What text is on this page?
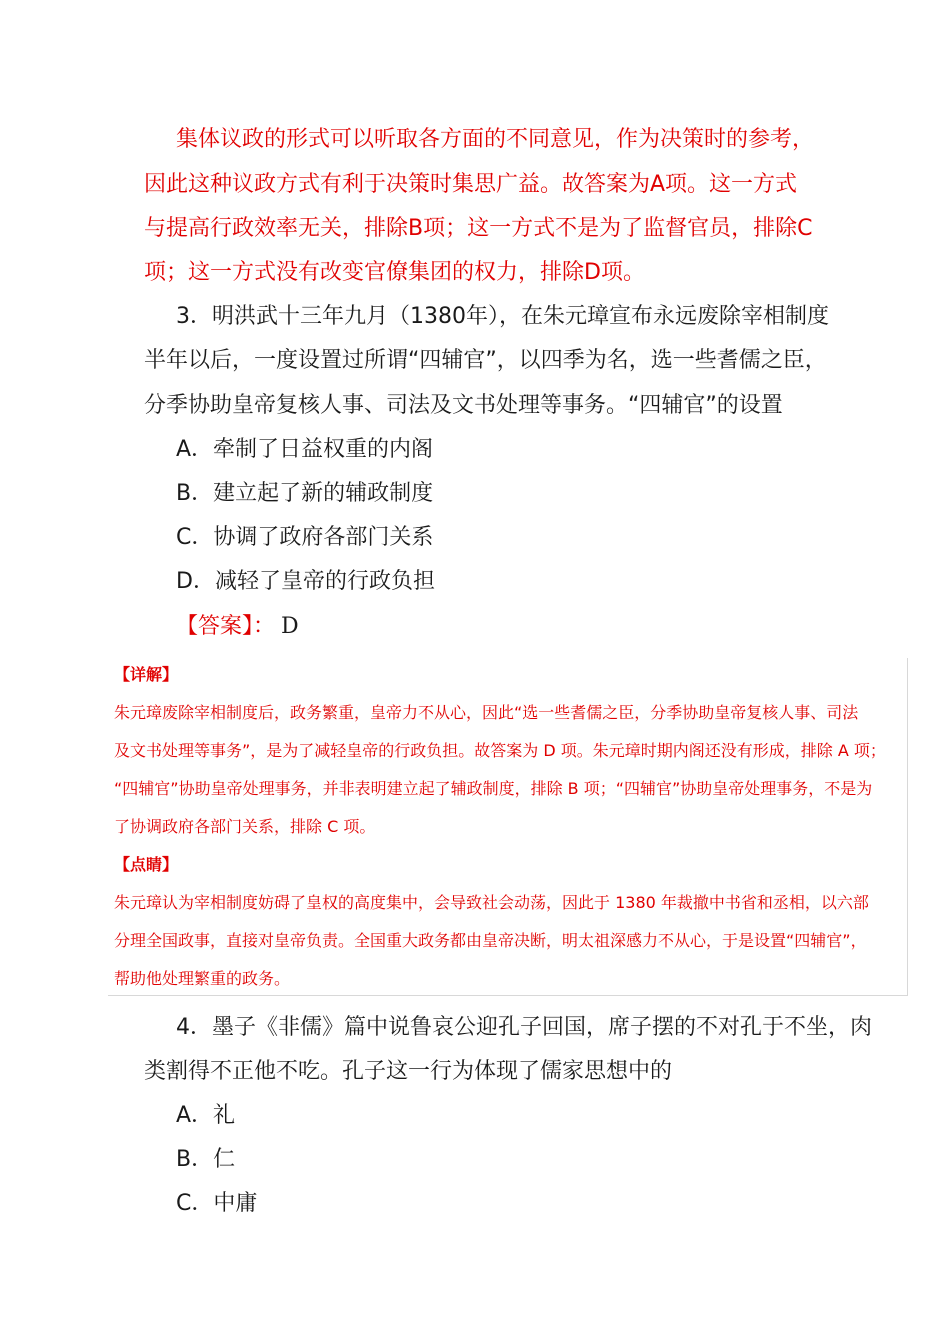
集体议政的形式可以听取各方面的不同意见，作为决策时的参考，
因此这种议政方式有利于决策时集思广益。故答案为A项。这一方式
与提高行政效率无关，排除B项；这一方式不是为了监督官员，排除C
项；这一方式没有改变官僚集团的权力，排除D项。
3．明洪武十三年九月（1380年），在朱元璋宣布永远废除宰相制度
半年以后，一度设置过所谓“四辅官”，以四季为名，选一些耆儒之臣，
分季协助皇帝复核人事、司法及文书处理等事务。“四辅官”的设置
A．牵制了日益权重的内阁
B．建立起了新的辅政制度
C．协调了政府各部门关系
D．减轻了皇帝的行政负担
【答案】： D
【详解】
朱元璋废除宰相制度后，政务繁重，皇帝力不从心，因此“选一些耆儒之臣，分季协助皇帝复核人事、司法
及文书处理等事务”，是为了减轻皇帝的行政负担。故答案为 D 项。朱元璋时期内阁还没有形成，排除 A 项；
“四辅官”协助皇帝处理事务，并非表明建立起了辅政制度，排除 B 项；“四辅官”协助皇帝处理事务，不是为
了协调政府各部门关系，排除 C 项。
【点睛】
朱元璋认为宰相制度妨碍了皇权的高度集中，会导致社会动荡，因此于 1380 年裁撤中书省和丞相，以六部
分理全国政事，直接对皇帝负责。全国重大政务都由皇帝决断，明太祖深感力不从心，于是设置“四辅官”，
帮助他处理繁重的政务。
4．墨子《非儒》篇中说鲁哀公迎孔子回国，席子摆的不对孔于不坐，肉
类割得不正他不吃。孔子这一行为体现了儒家思想中的
A．礼
B．仁
C．中庸
